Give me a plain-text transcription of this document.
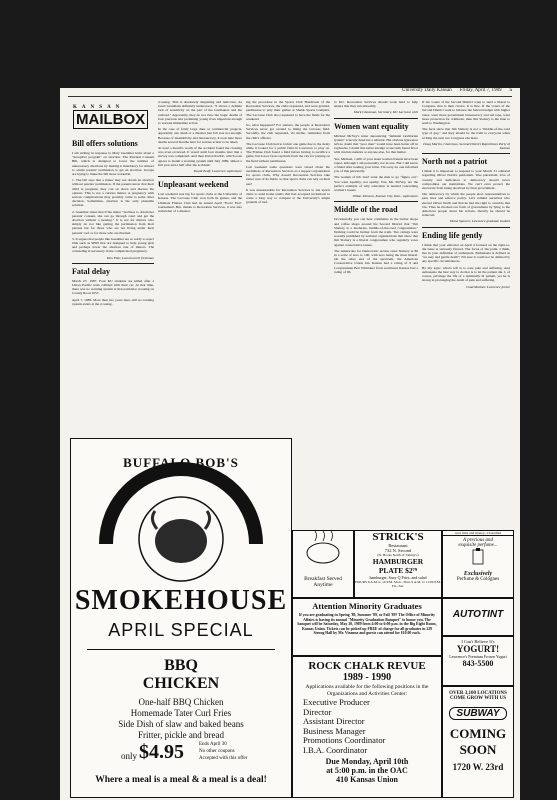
University Daily Kansan Friday, April 7, 1989 5
K A N S A N
MAILBOX
Bill offers solutions

I am writing in response to Mary Guenther letter about a "deceptive program" on abortion. The Parental Consent Bill, which is designed to lower the number of unnecessary abortions by making it mandatory for minors to obtain parents' permission to get an abortion. Groups are trying to make the bill more workable.

1. The bill says that a minor may not obtain an abortion without parents' permission. If the parents know that their child is pregnant, they can sit down and discuss the options. This is not a curious matter. A pregnancy with serious complications may possibly come to some other decision. Sometimes, abortion is the only plausible solution.

2. Guenther states that if the minor "declines to obtain her parents' consent, she can go through court and get the abortion without a hearing." It is not for minors who simply do not like getting the permission from their parents but for those who are not living under their parents' roof or for those who are married.

3. It argues that people like Guenther are so ready to reject bills such as SB95 that are designed to help young girls and perhaps lower the abortion rate of minors. The counseling is necessary in the complicated pregnancy.

Kim Eiler, Leavenworth freshman
Fatal delay

March 27, 1987. Four KU students are killed after a Union Pacific train collided with their car. At that time, there was no warning system at that particular crossing on County Road 1057.

April 7, 1989. More than two years later, still no warning system exists at the crossing.

crossing. This is absolutely disgusting and ludicrous. As Jared Grantham definitely understood, "it shows a definite lack of sensitivity on the part of the lawmakers and the railroad." Apparently, they do not view the tragic deaths of four precious and promising young lives important enough to warrant immediate action.

In the case of fairly large dues or commercial projects, apparently one death or a disaster just felt was not enough. Because of insensitivity and bureaucracy, it took nine more deaths several months later for serious action to be taken.

At least a month's worth of the accident found the crossing was even reviewed. It wasn't until four months later that a survey was completed. And then Union Pacific, which even agrees to install a warning system until July 1989, almost a full year and a half after the accident!

David Zeuff, Lawrence sophomore
Unpleasant weekend

Last weekend was big for sports clubs at the University of Kansas. The Lacrosse Club won both its games, and the Ultimate Frisbee Club had its annual April "Fools' Fest" tournament. But, thanks to Recreation Services, it was also somewhat of a disaster.

ing the procedure in the Sports Club Handbook of the Recreation Services, the clubs requested, and were granted, permission to play their games at Shenk Sports Complex. The Lacrosse Club also requested to have the fields for the weekend.

So, what happened? For starters, the people at Recreation Services never got around to lining the lacrosse field. Secondly, the club requested, via memo, reminders from the club's officers.

The Lacrosse Club had to forfeit one game due to the delay while it looked for a public field in Lawrence to play on. The Frisbee Club found a field before having to sacrifice a game, but it now faces reprisals from the city for playing on the field without permission.

Last weekend some questions were raised about the usefulness of Recreation Services as a support organization for sports clubs. Why doesn't Recreation Services take better care of its fields, so that sports clubs can rely on their use?

It was unreasonable for Recreation Services to ask sports clubs to send home teams that had accepted invitations to come a long way to compete at the University's ample grounds of turf.

to KU. Recreation Services should work hard to help ensure that they run smoothly.

Mark Glassman, Secretary, KU Lacrosse club
Women want equality

Michael McVey's letter denouncing "feminist totalitarian tyrants" scarcely deserves a rebuttal. His obvious ignorance left no doubt that "poor men" would have been better off in Jayhawks. I doubt this naive attempt at sarcasm found favor with Jewish students or anyone else, for that matter.

Yes, Michael, 1,200 of your sister women friends have been raped, although I am personally not in one. But I did know a friend after reading your letter. I'm sorry no one informed you of this personally.

The women of KU don't want the men to go "figure out." You want equality, not apathy. You, Mr. McVey, are the perfect example of why education is needed concerning women's issues.

Jillian Johnson, Kansas City, Kan., sophomore
Middle of the road

Occasionally you can hear comments in the barber shops and coffee shops around the Second District that "Jim Slattery is a moderate, middle-of-the-road congressman." Nothing could be further from the truth. Two ratings were recently published by national organizations that show that Jim Slattery is a liberal congressman who regularly votes against conservative issues.

The Americans for Democratic Action rated Slattery at 80 in a scale of zero to 100, with zero being the most liberal. On the other end of the spectrum, the American Conservative Union has Kansas had a rating of 9 and Congressman Bob Whittaker from southwest Kansas had a rating of 96.

If the voters of the Second District want to send a liberal to Congress, that is their choice. It is fine. If the voters of the Second District want to balance the federal budget with higher taxes, want more government bureaucracy and red tape, want more protection for criminals, then Jim Slattery is the man to send to Washington.

The facts show that Jim Slattery is not a "middle-of-the-road type of guy," and they should be the truth to everyone when writing the next two Congress elections.

Doug Martin, Chairman, Second District Republican Party of Kansas
North not a patriot

I think it is important to respond to your March 31 editorial regarding Oliver North's patriotism. True patriotism, love of country and dedication to democracy should never compromise our institutions. We can't even protect the electorate from being deceived by their government.

Our democracy by which the people elect representatives to pass laws and enforce policy. Let's remind ourselves who elected Oliver North and that he had the right to override that law. Thus he mocked our form of government by lying to the American people about his actions, thereby he should be removed.

Diane Spencer, Lawrence graduate student
Ending life gently

I think that your editorial on April 4 focused on the right-to-die issue is seriously flawed. The focus of the point, I think, lies in your definition of euthanasia. Euthanasia is defined as "an easy and gentle death"; I'm sure it could not be defined by any specific circumstances.

By my logic, what's left is to ease pain and suffering. And euthanasia the best way to do that is to let the patient die. I, of course, privilege the life of a terminally ill patient, yet he is strong in prolonging the death of pain and suffering.

Chad Mottner, Lawrence junior
BUFFALO BOB'S
SMOKEHOUSE
APRIL SPECIAL
BBQ
CHICKEN
One-half BBQ Chicken
Homemade Tater Curl Fries
Side Dish of slaw and baked beans
Fritter, pickle and bread
only $4.95	Ends April 30
No other coupons
Accepted with this offer
Where a meal is a meal & a meal is a deal!
Breakfast Served
Anytime
STRICK'S
Restaurant
732 N. Second
(N. Hocks North of Johnny's)
HAMBURGER
PLATE $2⁷⁹
hamburger, Suzy Q Fries, and salad
HOURS 6 A.M. to 10 P.M. Mon.–Thur. 6 A.M. to 11:00 P.M. Fri.–Sat.
Attention Minority Graduates
If you are graduating in Spring '89, Summer '89, or Fall '89? The Office of Minority Affairs is having its annual "Minority Graduation Banquet" to honor you. The banquet will be Saturday, May 20, 1989 from 4:00 to 6:00 p.m. in the Big Eight Room, Kansas Union. Tickets can be picked up FREE of charge for all graduates in 229 Strong Hall by Mr. Vieanna and guests can attend for $10.00 each.
ROCK CHALK REVUE
1989 - 1990
Applications available for the following positions in the Organizations and Activities Center:
Executive Producer
Director
Assistant Director
Business Manager
Promotions Coordinator
I.B.A. Coordinator
Due Monday, April 10th
at 5:00 p.m. in the OAC
410 Kansas Union
save time and money...Classified
A precious and
exquisite perfume...
Exclusively
Perfume & Colognes
AUTOTINT
I Can't Believe It's
YOGURT!
Lawrence's Premium Frozen Yogurt
843-5500
OVER 3,100 LOCATIONS
COME GROW WITH US
SUBWAY
COMING
SOON
1720 W. 23rd
